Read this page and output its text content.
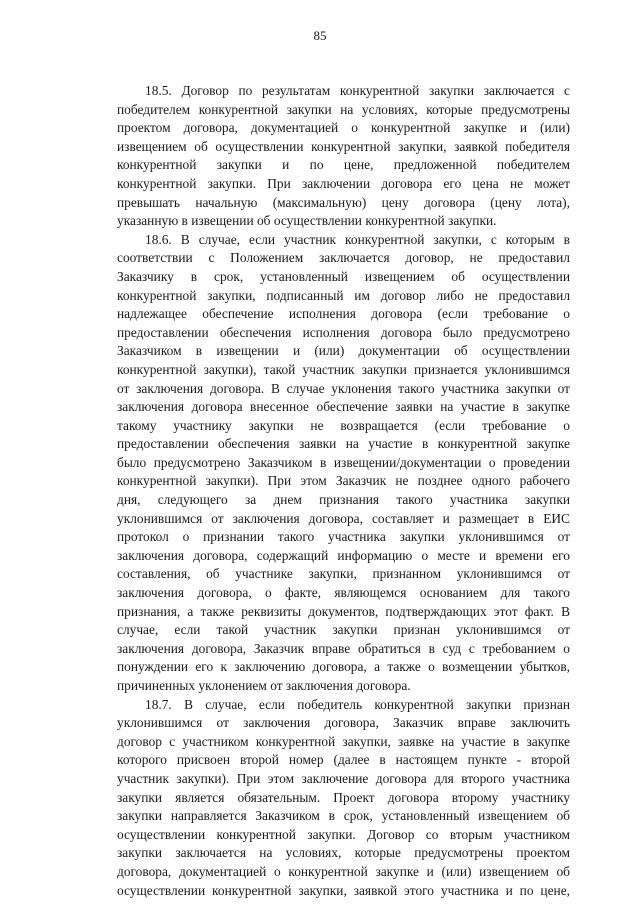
85
18.5. Договор по результатам конкурентной закупки заключается с
победителем конкурентной закупки на условиях, которые предусмотрены
проектом договора, документацией о конкурентной закупке и (или)
извещением об осуществлении конкурентной закупки, заявкой победителя
конкурентной закупки и по цене, предложенной победителем
конкурентной закупки. При заключении договора его цена не может
превышать начальную (максимальную) цену договора (цену лота),
указанную в извещении об осуществлении конкурентной закупки.
18.6. В случае, если участник конкурентной закупки, с которым в
соответствии с Положением заключается договор, не предоставил
Заказчику в срок, установленный извещением об осуществлении
конкурентной закупки, подписанный им договор либо не предоставил
надлежащее обеспечение исполнения договора (если требование о
предоставлении обеспечения исполнения договора было предусмотрено
Заказчиком в извещении и (или) документации об осуществлении
конкурентной закупки), такой участник закупки признается уклонившимся
от заключения договора. В случае уклонения такого участника закупки от
заключения договора внесенное обеспечение заявки на участие в закупке
такому участнику закупки не возвращается (если требование о
предоставлении обеспечения заявки на участие в конкурентной закупке
было предусмотрено Заказчиком в извещении/документации о проведении
конкурентной закупки). При этом Заказчик не позднее одного рабочего
дня, следующего за днем признания такого участника закупки
уклонившимся от заключения договора, составляет и размещает в ЕИС
протокол о признании такого участника закупки уклонившимся от
заключения договора, содержащий информацию о месте и времени его
составления, об участнике закупки, признанном уклонившимся от
заключения договора, о факте, являющемся основанием для такого
признания, а также реквизиты документов, подтверждающих этот факт. В
случае, если такой участник закупки признан уклонившимся от
заключения договора, Заказчик вправе обратиться в суд с требованием о
понуждении его к заключению договора, а также о возмещении убытков,
причиненных уклонением от заключения договора.
18.7. В случае, если победитель конкурентной закупки признан
уклонившимся от заключения договора, Заказчик вправе заключить
договор с участником конкурентной закупки, заявке на участие в закупке
которого присвоен второй номер (далее в настоящем пункте - второй
участник закупки). При этом заключение договора для второго участника
закупки является обязательным. Проект договора второму участнику
закупки направляется Заказчиком в срок, установленный извещением об
осуществлении конкурентной закупки. Договор со вторым участником
закупки заключается на условиях, которые предусмотрены проектом
договора, документацией о конкурентной закупке и (или) извещением об
осуществлении конкурентной закупки, заявкой этого участника и по цене,
